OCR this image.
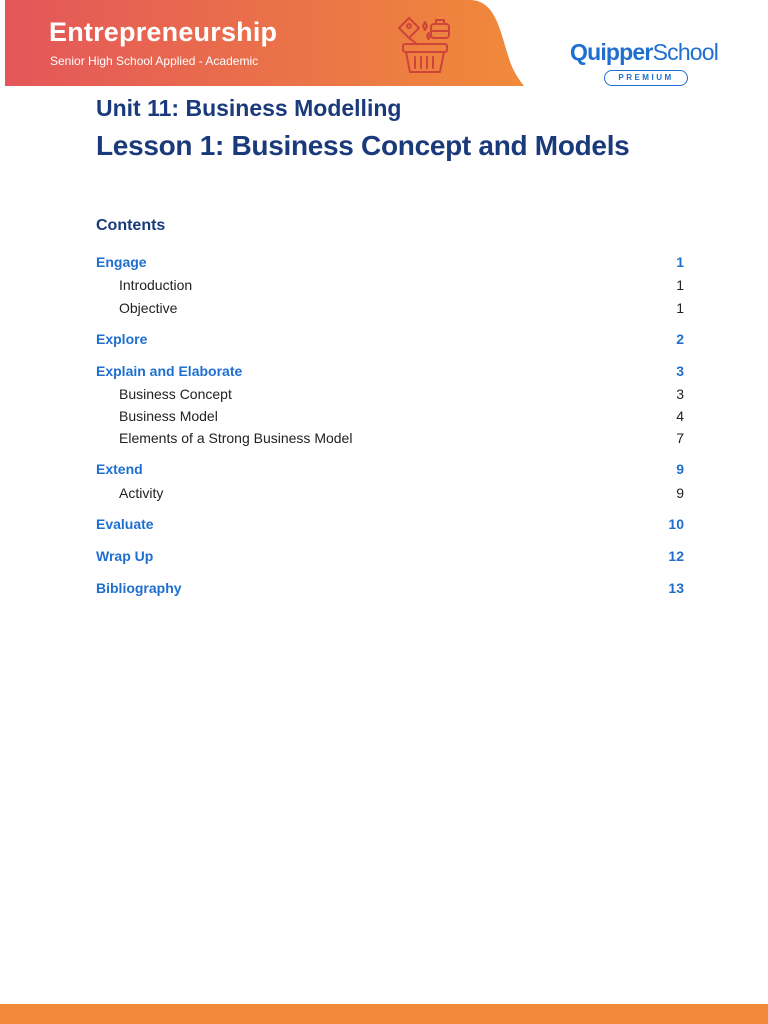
Entrepreneurship
Senior High School Applied - Academic	QuipperSchool
PREMIUM
Unit 11: Business Modelling
Lesson 1: Business Concept and Models
Contents
Engage	1
Introduction	1
Objective	1
Explore	2
Explain and Elaborate	3
Business Concept	3
Business Model	4
Elements of a Strong Business Model	7
Extend	9
Activity	9
Evaluate	10
Wrap Up	12
Bibliography	13
